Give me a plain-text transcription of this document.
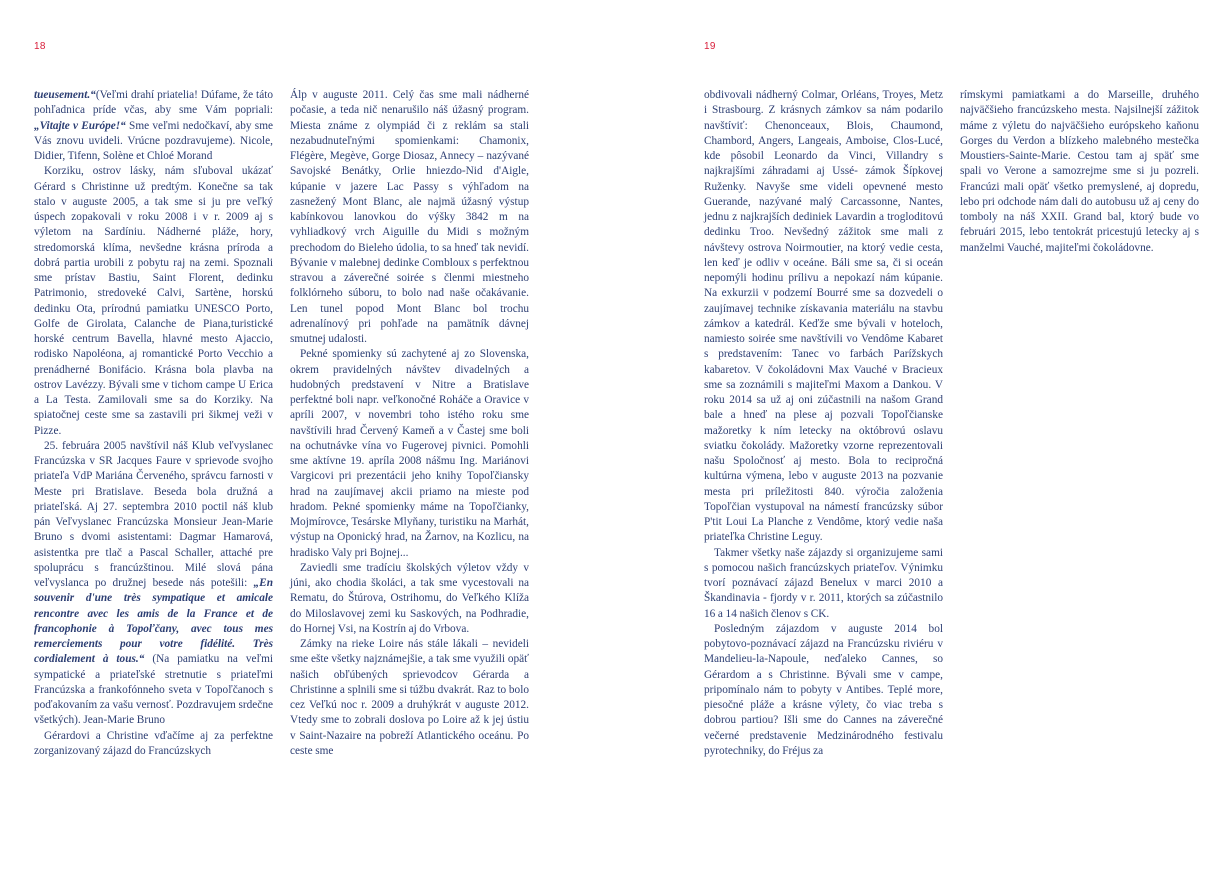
18

tueusement.“(Veľmi drahí priatelia! Dúfame, že táto pohľadnica príde včas, aby sme Vám popriali: „Vitajte v Európe!“ Sme veľmi nedočkaví, aby sme Vás znovu uvideli. Vrúcne pozdravujeme). Nicole, Didier, Tifenn, Solène et Chloé Morand

Korziku, ostrov lásky, nám sľuboval ukázať Gérard s Christinne už predtým. Konečne sa tak stalo v auguste 2005, a tak sme si ju pre veľký úspech zopakovali v roku 2008 i v r. 2009 aj s výletom na Sardíniu. Nádherné pláže, hory, stredomorská klíma, nevšedne krásna príroda a dobrá partia urobili z pobytu raj na zemi. Spoznali sme prístav Bastiu, Saint Florent, dedinku Patrimonio, stredoveké Calvi, Sartène, horskú dedinku Ota, prírodnú pamiatku UNESCO Porto, Golfe de Girolata, Calanche de Piana,turistické horské centrum Bavella, hlavné mesto Ajaccio, rodisko Napoléona, aj romantické Porto Vecchio a prenádherné Bonifácio. Krásna bola plavba na ostrov Lavézzy. Bývali sme v tichom campe U Erica a La Testa. Zamilovali sme sa do Korziky. Na spiatočnej ceste sme sa zastavili pri šikmej veži v Pizze.

25. februára 2005 navštívil náš Klub veľvyslanec Francúzska v SR Jacques Faure v sprievode svojho priateľa VdP Mariána Červeného, správcu farnosti v Meste pri Bratislave. Beseda bola družná a priateľská. Aj 27. septembra 2010 poctil náš klub pán Veľvyslanec Francúzska Monsieur Jean-Marie Bruno s dvomi asistentami: Dagmar Hamarová, asistentka pre tlač a Pascal Schaller, attaché pre spoluprácu s francúzštinou. Milé slová pána veľvyslanca po družnej besede nás potešili: „En souvenir d'une très sympatique et amicale rencontre avec les amis de la France et de francophonie à Topoľčany, avec tous mes remerciements pour votre fidélité. Très cordialement à tous.“ (Na pamiatku na veľmi sympatické a priateľské stretnutie s priateľmi Francúzska a frankofónneho sveta v Topoľčanoch s poďakovaním za vašu vernosť. Pozdravujem srdečne všetkých). Jean-Marie Bruno

Gérardovi a Christine vďačíme aj za perfektne zorganizovaný zájazd do Francúzskych

Álp v auguste 2011. Celý čas sme mali nádherné počasie, a teda nič nenarušilo náš úžasný program. Miesta známe z olympiád či z reklám sa stali nezabudnuteľnými spomienkami: Chamonix, Flégère, Megève, Gorge Diosaz, Annecy – nazývané Savojské Benátky, Orlie hniezdo-Nid d'Aigle, kúpanie v jazere Lac Passy s výhľadom na zasnežený Mont Blanc, ale najmä úžasný výstup kabínkovou lanovkou do výšky 3842 m na vyhliadkový vrch Aiguille du Midi s možným prechodom do Bieleho údolia, to sa hneď tak nevidí. Bývanie v malebnej dedinke Combloux s perfektnou stravou a záverečné soirée s členmi miestneho folklórneho súboru, to bolo nad naše očakávanie. Len tunel popod Mont Blanc bol trochu adrenalínový pri pohľade na pamätník dávnej smutnej udalosti.

Pekné spomienky sú zachytené aj zo Slovenska, okrem pravidelných návštev divadelných a hudobných predstavení v Nitre a Bratislave perfektné boli napr. veľkonočné Roháče a Oravice v apríli 2007, v novembri toho istého roku sme navštívili hrad Červený Kameň a v Častej sme boli na ochutnávke vína vo Fugerovej pivnici. Pomohli sme aktívne 19. apríla 2008 nášmu Ing. Mariánovi Vargicovi pri prezentácii jeho knihy Topoľčiansky hrad na zaujímavej akcii priamo na mieste pod hradom. Pekné spomienky máme na Topoľčianky, Mojmírovce, Tesárske Mlyňany, turistiku na Marhát, výstup na Oponický hrad, na Žarnov, na Kozlicu, na hradisko Valy pri Bojnej...

Zaviedli sme tradíciu školských výletov vždy v júni, ako chodia školáci, a tak sme vycestovali na Rematu, do Štúrova, Ostrihomu, do Veľkého Klíža do Miloslavovej zemi ku Saskových, na Podhradie, do Hornej Vsi, na Kostrín aj do Vrbova.

Zámky na rieke Loire nás stále lákali – nevideli sme ešte všetky najznámejšie, a tak sme využili opäť našich obľúbených sprievodcov Gérarda a Christinne a splnili sme si túžbu dvakrát. Raz to bolo cez Veľkú noc r. 2009 a druhýkrát v auguste 2012. Vtedy sme to zobrali doslova po Loire až k jej ústiu v Saint-Nazaire na pobreží Atlantického oceánu. Po ceste sme

19

obdivovali nádherný Colmar, Orléans, Troyes, Metz i Strasbourg. Z krásnych zámkov sa nám podarilo navštíviť: Chenonceaux, Blois, Chaumond, Chambord, Angers, Langeais, Amboise, Clos-Lucé, kde pôsobil Leonardo da Vinci, Villandry s najkrajšími záhradami aj Ussé- zámok Šípkovej Ruženky. Navyše sme videli opevnené mesto Guerande, nazývané malý Carcassonne, Nantes, jednu z najkrajších dediniek Lavardin a trogloditovú dedinku Troo. Nevšedný zážitok sme mali z návštevy ostrova Noirmoutier, na ktorý vedie cesta, len keď je odliv v oceáne. Báli sme sa, či si oceán nepomýli hodinu prílivu a nepokazí nám kúpanie. Na exkurzii v podzemí Bourré sme sa dozvedeli o zaujímavej technike získavania materiálu na stavbu zámkov a katedrál. Keďže sme bývali v hoteloch, namiesto soirée sme navštívili vo Vendôme Kabaret s predstavením: Tanec vo farbách Parížskych kabaretov. V čokoládovni Max Vauché v Bracieux sme sa zoznámili s majiteľmi Maxom a Dankou. V roku 2014 sa už aj oni zúčastnili na našom Grand bale a hneď na plese aj pozvali Topoľčianske mažoretky k ním letecky na októbrovú oslavu sviatku čokolády. Mažoretky vzorne reprezentovali našu Spoločnosť aj mesto. Bola to recipročná kultúrna výmena, lebo v auguste 2013 na pozvanie mesta pri príležitosti 840. výročia založenia Topoľčian vystupoval na námestí francúzsky súbor P'tit Loui La Planche z Vendôme, ktorý vedie naša priateľka Christine Leguy.

Takmer všetky naše zájazdy si organizujeme sami s pomocou našich francúzskych priateľov. Výnimku tvorí poznávací zájazd Benelux v marci 2010 a Škandinavia - fjordy v r. 2011, ktorých sa zúčastnilo 16 a 14 našich členov s CK.

Posledným zájazdom v auguste 2014 bol pobytovo-poznávací zájazd na Francúzsku riviéru v Mandelieu-la-Napoule, neďaleko Cannes, so Gérardom a s Christinne. Bývali sme v campe, pripomínalo nám to pobyty v Antibes. Teplé more, piesočné pláže a krásne výlety, čo viac treba s dobrou partiou? Išli sme do Cannes na záverečné večerné predstavenie Medzinárodného festivalu pyrotechniky, do Fréjus za

rímskymi pamiatkami a do Marseille, druhého najväčšieho francúzskeho mesta. Najsilnejší zážitok máme z výletu do najväčšieho európskeho kaňonu Gorges du Verdon a blízkeho malebného mestečka Moustiers-Sainte-Marie. Cestou tam aj späť sme spali vo Verone a samozrejme sme si ju pozreli. Francúzi mali opäť všetko premyslené, aj dopredu, lebo pri odchode nám dali do autobusu už aj ceny do tomboly na náš XXII. Grand bal, ktorý bude vo februári 2015, lebo tentokrát pricestujú letecky aj s manželmi Vauché, majiteľmi čokoládovne.
